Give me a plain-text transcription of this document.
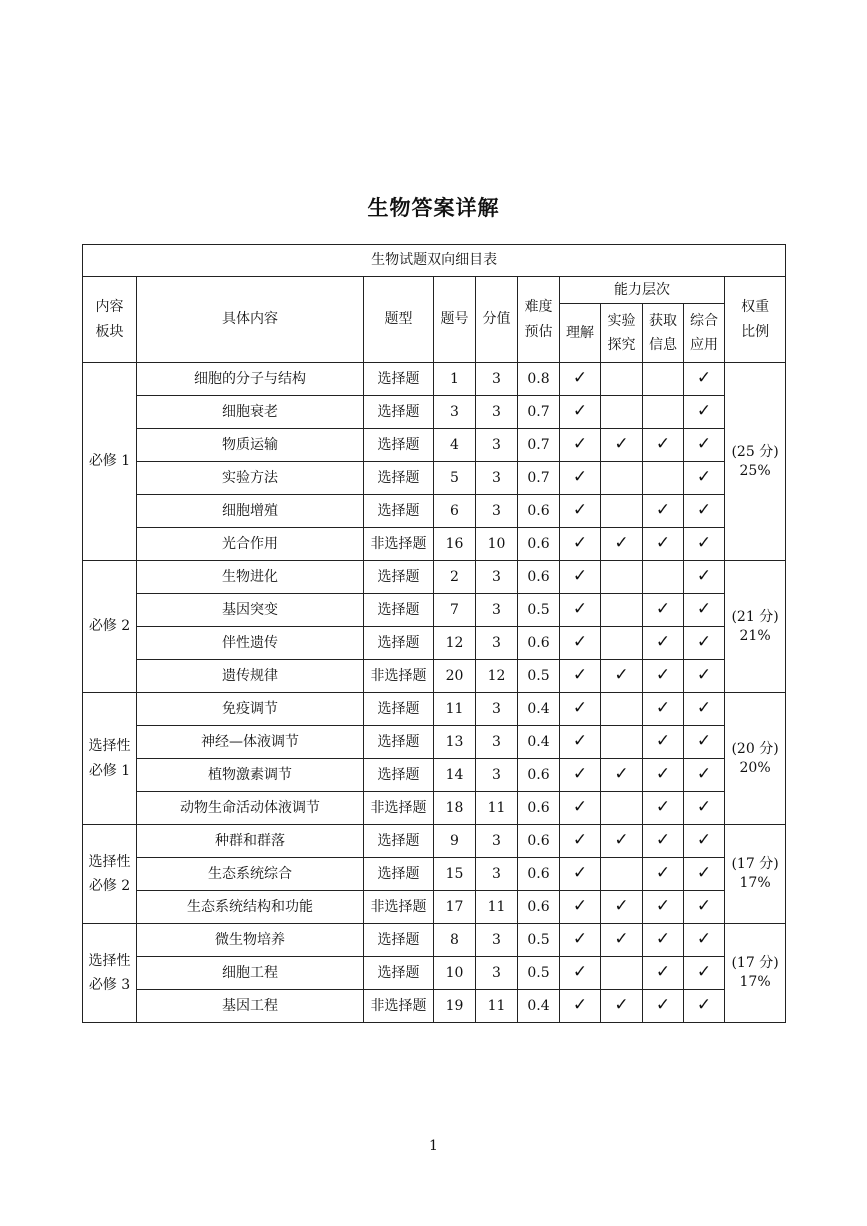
生物答案详解
生物试题双向细目表										

内容板块	具体内容	题型	题号	分值	难度预估	能力层次				权重比例

						理解	实验探究	获取信息	综合应用	

必修 1	细胞的分子与结构	选择题	1	3	0.8	✓			✓	(25 分)
25%

	细胞衰老	选择题	3	3	0.7	✓			✓	
	物质运输	选择题	4	3	0.7	✓	✓	✓	✓	
	实验方法	选择题	5	3	0.7	✓			✓	
	细胞增殖	选择题	6	3	0.6	✓		✓	✓	
	光合作用	非选择题	16	10	0.6	✓	✓	✓	✓	

必修 2	生物进化	选择题	2	3	0.6	✓			✓	(21 分)
21%

	基因突变	选择题	7	3	0.5	✓		✓	✓	
	伴性遗传	选择题	12	3	0.6	✓		✓	✓	
	遗传规律	非选择题	20	12	0.5	✓	✓	✓	✓	

选择性必修 1	免疫调节	选择题	11	3	0.4	✓		✓	✓	(20 分)
20%

	神经—体液调节	选择题	13	3	0.4	✓		✓	✓	
	植物激素调节	选择题	14	3	0.6	✓	✓	✓	✓	
	动物生命活动体液调节	非选择题	18	11	0.6	✓		✓	✓	

选择性必修 2	种群和群落	选择题	9	3	0.6	✓	✓	✓	✓	(17 分)
17%

	生态系统综合	选择题	15	3	0.6	✓		✓	✓	
	生态系统结构和功能	非选择题	17	11	0.6	✓	✓	✓	✓	

选择性必修 3	微生物培养	选择题	8	3	0.5	✓	✓	✓	✓	(17 分)
17%

	细胞工程	选择题	10	3	0.5	✓		✓	✓	
	基因工程	非选择题	19	11	0.4	✓	✓	✓	✓	
1
